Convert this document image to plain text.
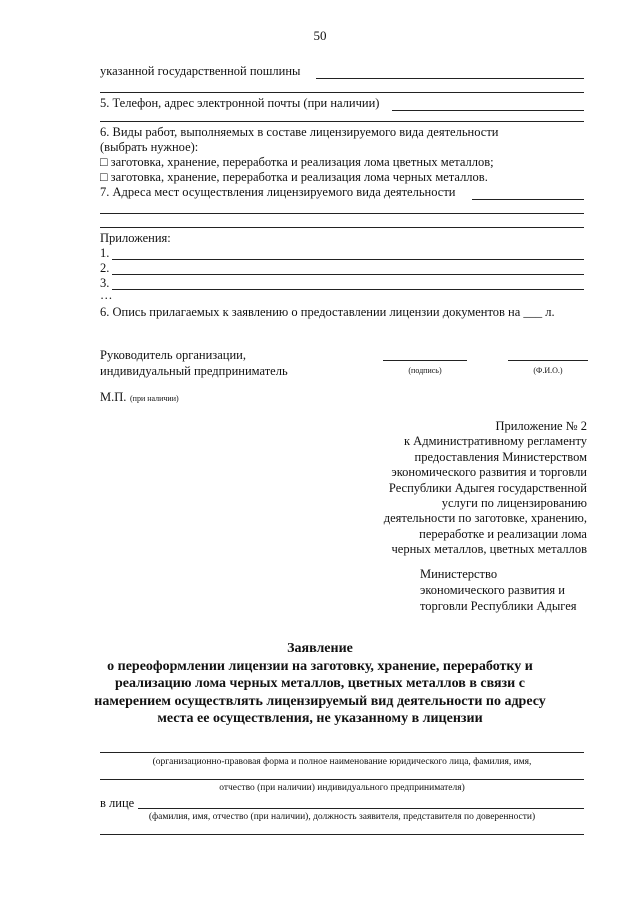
50
указанной государственной пошлины
5. Телефон, адрес электронной почты (при наличии)
6. Виды работ, выполняемых в составе лицензируемого вида деятельности
(выбрать нужное):
□ заготовка, хранение, переработка и реализация лома цветных металлов;
□ заготовка, хранение, переработка и реализация лома черных металлов.
7. Адреса мест осуществления лицензируемого вида деятельности
Приложения:
1.
2.
3.
…
6. Опись прилагаемых к заявлению о предоставлении лицензии документов на ___ л.
Руководитель организации,
индивидуальный предприниматель	(подпись)	(Ф.И.О.)
М.П. (при наличии)
Приложение № 2
к Административному регламенту
предоставления Министерством
экономического развития и торговли
Республики Адыгея государственной
услуги по лицензированию
деятельности по заготовке, хранению,
переработке и реализации лома
черных металлов, цветных металлов
Министерство
экономического развития и
торговли Республики Адыгея
Заявление
о переоформлении лицензии на заготовку, хранение, переработку и
реализацию лома черных металлов, цветных металлов в связи с
намерением осуществлять лицензируемый вид деятельности по адресу
места ее осуществления, не указанному в лицензии
(организационно-правовая форма и полное наименование юридического лица, фамилия, имя,
отчество (при наличии) индивидуального предпринимателя)
в лице
(фамилия, имя, отчество (при наличии), должность заявителя, представителя по доверенности)
